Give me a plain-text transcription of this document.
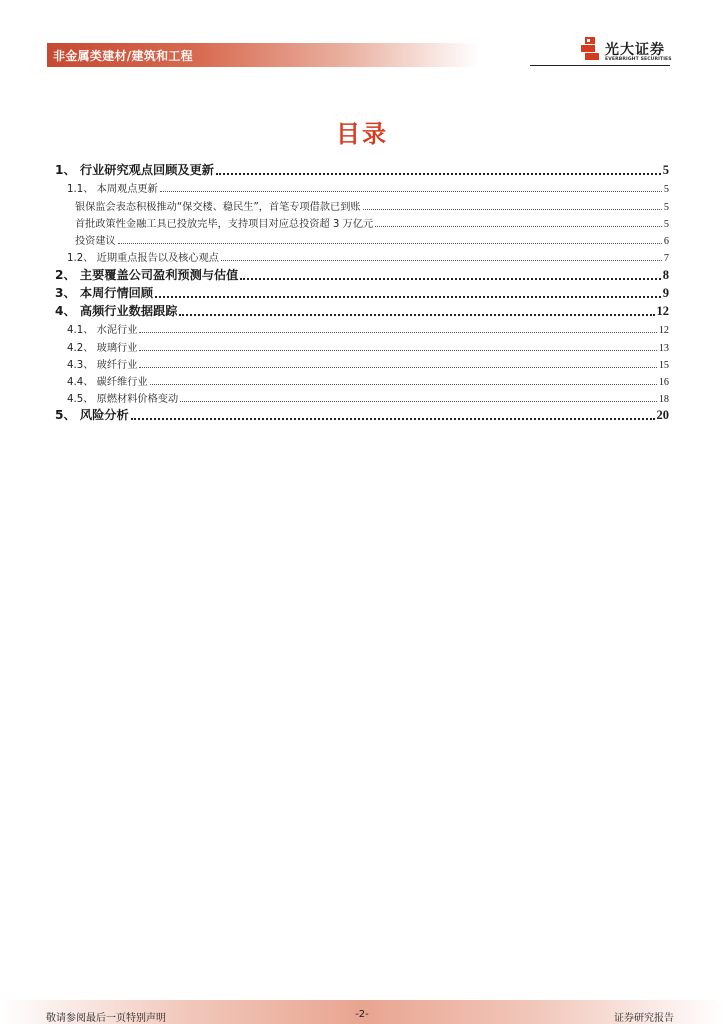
非金属类建材/建筑和工程	光大证券
EVERBRIGHT SECURITIES
目录
1、 行业研究观点回顾及更新	5
1.1、 本周观点更新	5
银保监会表态积极推动“保交楼、稳民生”，首笔专项借款已到账	5
首批政策性金融工具已投放完毕，支持项目对应总投资超 3 万亿元	5
投资建议	6
1.2、 近期重点报告以及核心观点	7
2、 主要覆盖公司盈利预测与估值	8
3、 本周行情回顾	9
4、 高频行业数据跟踪	12
4.1、 水泥行业	12
4.2、 玻璃行业	13
4.3、 玻纤行业	15
4.4、 碳纤维行业	16
4.5、 原燃材料价格变动	18
5、 风险分析	20
敬请参阅最后一页特别声明	-2-	证券研究报告
